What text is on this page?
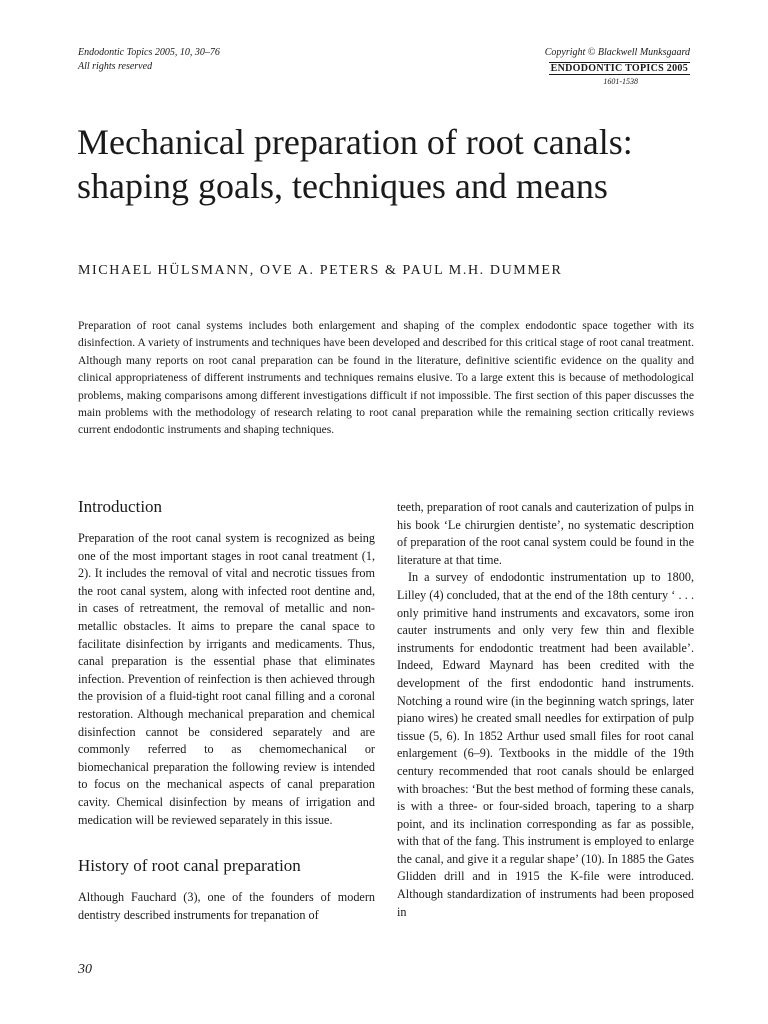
Endodontic Topics 2005, 10, 30–76
All rights reserved
Copyright © Blackwell Munksgaard
ENDODONTIC TOPICS 2005
1601-1538
Mechanical preparation of root canals: shaping goals, techniques and means
MICHAEL HÜLSMANN, OVE A. PETERS & PAUL M.H. DUMMER

Preparation of root canal systems includes both enlargement and shaping of the complex endodontic space together with its disinfection. A variety of instruments and techniques have been developed and described for this critical stage of root canal treatment. Although many reports on root canal preparation can be found in the literature, definitive scientific evidence on the quality and clinical appropriateness of different instruments and techniques remains elusive. To a large extent this is because of methodological problems, making comparisons among different investigations difficult if not impossible. The first section of this paper discusses the main problems with the methodology of research relating to root canal preparation while the remaining section critically reviews current endodontic instruments and shaping techniques.

Introduction

Preparation of the root canal system is recognized as being one of the most important stages in root canal treatment (1, 2). It includes the removal of vital and necrotic tissues from the root canal system, along with infected root dentine and, in cases of retreatment, the removal of metallic and non-metallic obstacles. It aims to prepare the canal space to facilitate disinfection by irrigants and medicaments. Thus, canal preparation is the essential phase that eliminates infection. Prevention of reinfection is then achieved through the provision of a fluid-tight root canal filling and a coronal restoration. Although mechanical preparation and chemical disinfection cannot be considered separately and are commonly referred to as chemomechanical or biomechanical preparation the following review is intended to focus on the mechanical aspects of canal preparation cavity. Chemical disinfection by means of irrigation and medication will be reviewed separately in this issue.

History of root canal preparation

Although Fauchard (3), one of the founders of modern dentistry described instruments for trepanation of

teeth, preparation of root canals and cauterization of pulps in his book ‘Le chirurgien dentiste’, no systematic description of preparation of the root canal system could be found in the literature at that time.

In a survey of endodontic instrumentation up to 1800, Lilley (4) concluded, that at the end of the 18th century ‘ . . . only primitive hand instruments and excavators, some iron cauter instruments and only very few thin and flexible instruments for endodontic treatment had been available’. Indeed, Edward Maynard has been credited with the development of the first endodontic hand instruments. Notching a round wire (in the beginning watch springs, later piano wires) he created small needles for extirpation of pulp tissue (5, 6). In 1852 Arthur used small files for root canal enlargement (6–9). Textbooks in the middle of the 19th century recommended that root canals should be enlarged with broaches: ‘But the best method of forming these canals, is with a three- or four-sided broach, tapering to a sharp point, and its inclination corresponding as far as possible, with that of the fang. This instrument is employed to enlarge the canal, and give it a regular shape’ (10). In 1885 the Gates Glidden drill and in 1915 the K-file were introduced. Although standardization of instruments had been proposed in

30
